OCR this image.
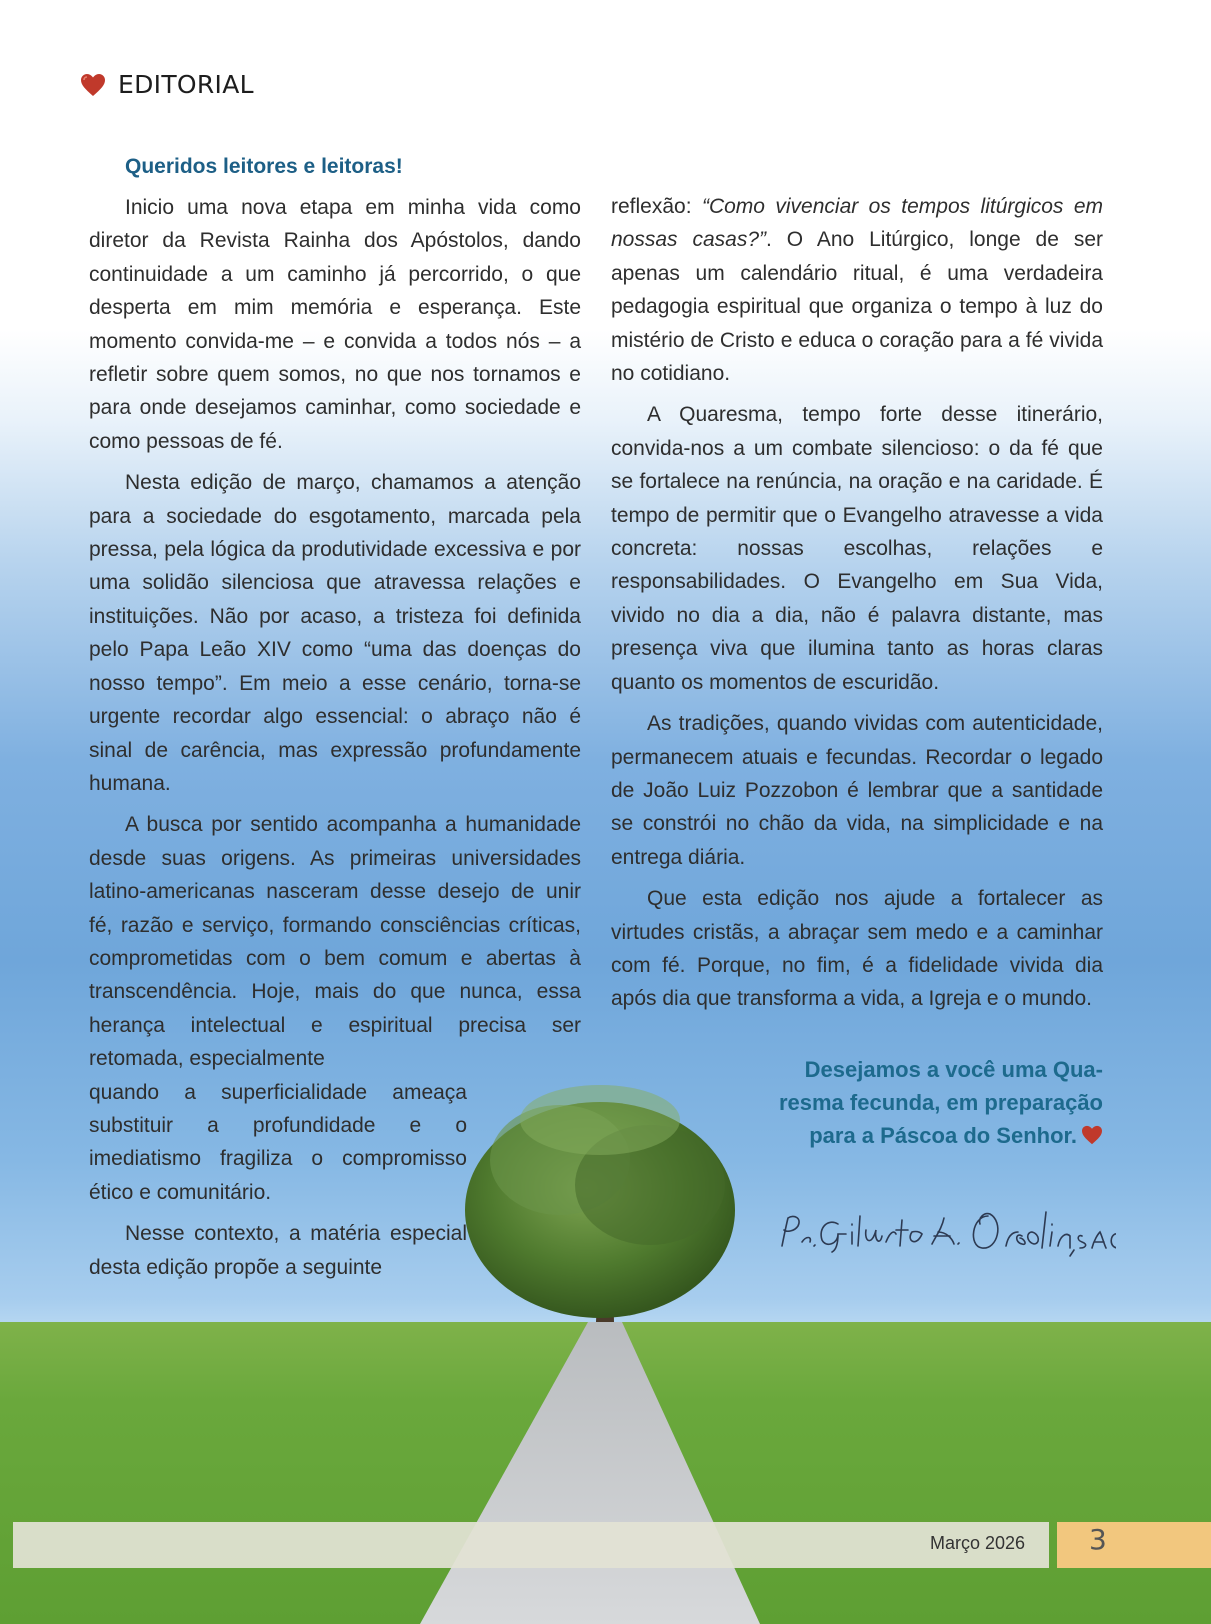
EDITORIAL

Queridos leitores e leitoras!

Inicio uma nova etapa em minha vida como diretor da Revista Rainha dos Apóstolos, dando continuidade a um caminho já percorrido, o que desperta em mim memória e esperança. Este momento convida-me – e convida a todos nós – a refletir sobre quem somos, no que nos tornamos e para onde desejamos caminhar, como sociedade e como pessoas de fé.

Nesta edição de março, chamamos a atenção para a sociedade do esgotamento, marcada pela pressa, pela lógica da produtividade excessiva e por uma solidão silenciosa que atravessa relações e instituições. Não por acaso, a tristeza foi definida pelo Papa Leão XIV como “uma das doenças do nosso tempo”. Em meio a esse cenário, torna-se urgente recordar algo essencial: o abraço não é sinal de carência, mas expressão profundamente humana.

A busca por sentido acompanha a humanidade desde suas origens. As primeiras universidades latino-americanas nasceram desse desejo de unir fé, razão e serviço, formando consciências críticas, comprometidas com o bem comum e abertas à transcendência. Hoje, mais do que nunca, essa herança intelectual e espiritual precisa ser retomada, especialmente

quando a superficialidade ameaça substituir a profundidade e o imediatismo fragiliza o compromisso ético e comunitário.

Nesse contexto, a matéria especial desta edição propõe a seguinte

reflexão: “Como vivenciar os tempos litúrgicos em nossas casas?”. O Ano Litúrgico, longe de ser apenas um calendário ritual, é uma verdadeira pedagogia espiritual que organiza o tempo à luz do mistério de Cristo e educa o coração para a fé vivida no cotidiano.

A Quaresma, tempo forte desse itinerário, convida-nos a um combate silencioso: o da fé que se fortalece na renúncia, na oração e na caridade. É tempo de permitir que o Evangelho atravesse a vida concreta: nossas escolhas, relações e responsabilidades. O Evangelho em Sua Vida, vivido no dia a dia, não é palavra distante, mas presença viva que ilumina tanto as horas claras quanto os momentos de escuridão.

As tradições, quando vividas com autenticidade, permanecem atuais e fecundas. Recordar o legado de João Luiz Pozzobon é lembrar que a santidade se constrói no chão da vida, na simplicidade e na entrega diária.

Que esta edição nos ajude a fortalecer as virtudes cristãs, a abraçar sem medo e a caminhar com fé. Porque, no fim, é a fidelidade vivida dia após dia que transforma a vida, a Igreja e o mundo.

Desejamos a você uma Qua-
resma fecunda, em preparação
para a Páscoa do Senhor.
Março 2026 3
